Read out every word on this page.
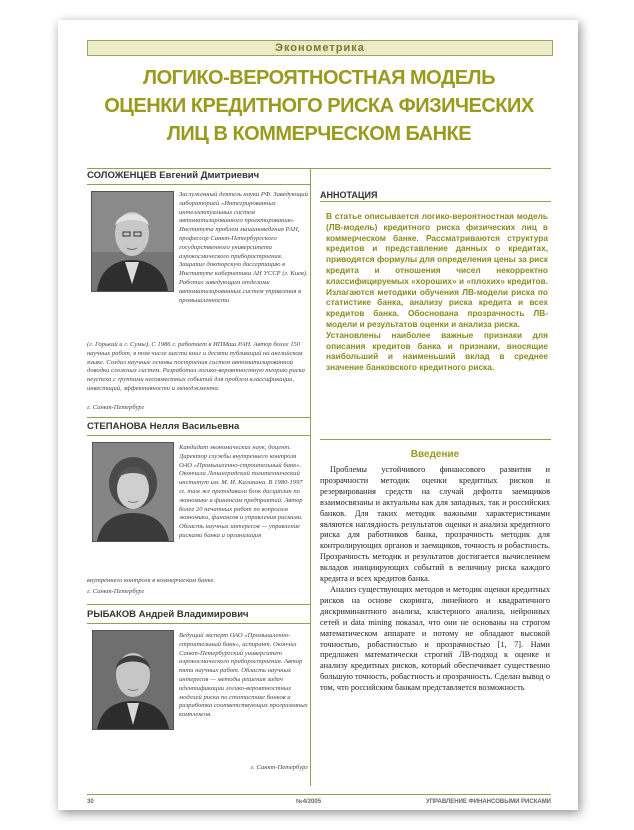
Эконометрика
ЛОГИКО-ВЕРОЯТНОСТНАЯ МОДЕЛЬ
ОЦЕНКИ КРЕДИТНОГО РИСКА ФИЗИЧЕСКИХ
ЛИЦ В КОММЕРЧЕСКОМ БАНКЕ
СОЛОЖЕНЦЕВ Евгений Дмитриевич
Заслуженный деятель науки РФ. Заведующий лабораторией «Интегрированных интеллектуальных систем автоматизированного проектирования» Института проблем машиноведения РАН, профессор Санкт-Петербургского государственного университета аэрокосмического приборостроения. Защитил докторскую диссертацию в Институте кибернетики АН УССР (г. Киев). Работал заведующим отделами автоматизированных систем управления в промышленности
(г. Горький и г. Сумы). С 1986 г. работает в ИПМаш РАН. Автор более 150 научных работ, в том числе шести книг и десяти публикаций на английском языке. Создал научные основы построения систем автоматизированной доводки сложных систем. Разработал логико-вероятностную теорию риска неуспеха с группами несовместных событий для проблем классификации, инвестиций, эффективности и менеджмента.
г. Санкт-Петербург
СТЕПАНОВА Нелля Васильевна
Кандидат экономических наук, доцент. Директор службы внутреннего контроля ОАО «Промышленно-строительный банк». Окончила Ленинградский политехнический институт им. М. И. Калинина. В 1980-1997 гг. там же преподавала блок дисциплин по экономике и финансам предприятий. Автор более 20 печатных работ по вопросам экономики, финансов и управления рисками. Область научных интересов — управление рисками банка и организация
внутреннего контроля в коммерческом банке.
г. Санкт-Петербург
РЫБАКОВ Андрей Владимирович
Ведущий эксперт ОАО «Промышленно-строительный банк», аспирант. Окончил Санкт-Петербургский университет аэрокосмического приборостроения. Автор пяти научных работ. Область научных интересов — методы решения задач идентификации логико-вероятностных моделей риска по статистике банков и разработка соответствующих программных комплексов.
г. Санкт-Петербург
АННОТАЦИЯ

В статье описывается логико-вероятностная модель (ЛВ-модель) кредитного риска физических лиц в коммерческом банке. Рассматриваются структура кредитов и представление данных о кредитах, приводятся формулы для определения цены за риск кредита и отношения чисел некорректно классифицируемых «хороших» и «плохих» кредитов. Излагаются методики обучения ЛВ-модели риска по статистике банка, анализу риска кредита и всех кредитов банка. Обоснована прозрачность ЛВ-модели и результатов оценки и анализа риска.

Установлены наиболее важные признаки для описания кредитов банка и признаки, вносящие наибольший и наименьший вклад в среднее значение банковского кредитного риска.

Введение

Проблемы устойчивого финансового развития и прозрачности методик оценки кредитных рисков и резервирования средств на случай дефолта заемщиков взаимосвязаны и актуальны как для западных, так и российских банков. Для таких методик важными характеристиками являются наглядность результатов оценки и анализа кредитного риска для работников банка, прозрачность методик для контролирующих органов и заемщиков, точность и робастность. Прозрачность методик и результатов достигается вычислением вкладов инициирующих событий в величину риска каждого кредита и всех кредитов банка.

Анализ существующих методов и методик оценки кредитных рисков на основе скоринга, линейного и квадратичного дискриминантного анализа, кластерного анализа, нейронных сетей и data mining показал, что они не основаны на строгом математическом аппарате и потому не обладают высокой точностью, робастностью и прозрачностью [1, 7]. Нами предложен математически строгий ЛВ-подход к оценке и анализу кредитных рисков, который обеспечивает существенно большую точность, робастность и прозрачность. Сделан вывод о том, что российским банкам представляется возможность

30	№4/2005	УПРАВЛЕНИЕ ФИНАНСОВЫМИ РИСКАМИ
